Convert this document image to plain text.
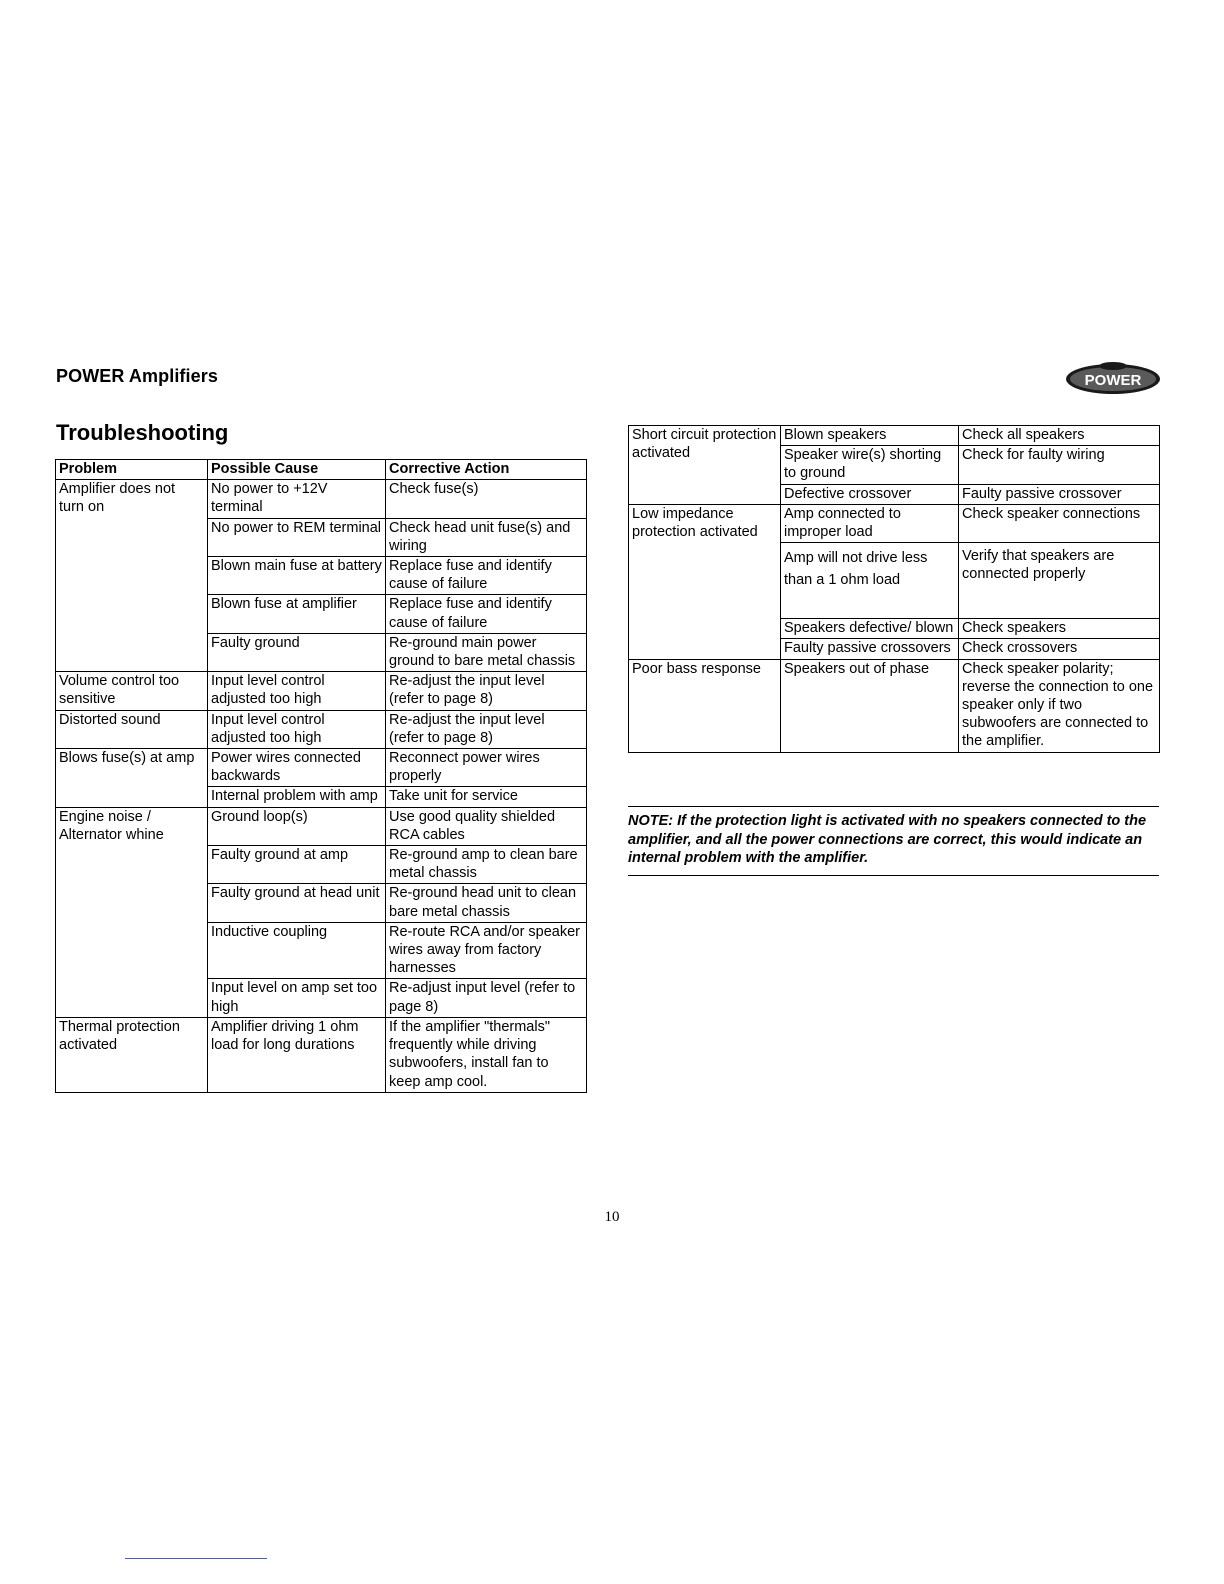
POWER Amplifiers	POWER
Troubleshooting
Problem	Possible Cause	Corrective Action
Amplifier does not turn on	No power to +12V terminal	Check fuse(s)
	No power to REM terminal	Check head unit fuse(s) and wiring
	Blown main fuse at battery	Replace fuse and identify cause of failure
	Blown fuse at amplifier	Replace fuse and identify cause of failure
	Faulty ground	Re-ground main power ground to bare metal chassis
Volume control too sensitive	Input level control adjusted too high	Re-adjust the input level (refer to page 8)
Distorted sound	Input level control adjusted too high	Re-adjust the input level (refer to page 8)
Blows fuse(s) at amp	Power wires connected backwards	Reconnect power wires properly
	Internal problem with amp	Take unit for service
Engine noise / Alternator whine	Ground loop(s)	Use good quality shielded RCA cables
	Faulty ground at amp	Re-ground amp to clean bare metal chassis
	Faulty ground at head unit	Re-ground head unit to clean bare metal chassis
	Inductive coupling	Re-route RCA and/or speaker wires away from factory harnesses
	Input level on amp set too high	Re-adjust input level (refer to page 8)
Thermal protection activated	Amplifier driving 1 ohm load for long durations	If the amplifier "thermals" frequently while driving subwoofers, install fan to keep amp cool.
Short circuit protection activated	Blown speakers	Check all speakers
	Speaker wire(s) shorting to ground	Check for faulty wiring
	Defective crossover	Faulty passive crossover
Low impedance protection activated	Amp connected to improper load	Check speaker connections
	Amp will not drive less than a 1 ohm load	Verify that speakers are connected properly
	Speakers defective/ blown	Check speakers
	Faulty passive crossovers	Check crossovers
Poor bass response	Speakers out of phase	Check speaker polarity; reverse the connection to one speaker only if two subwoofers are connected to the amplifier.
NOTE: If the protection light is activated with no speakers connected to the amplifier, and all the power connections are correct, this would indicate an internal problem with the amplifier.
10
